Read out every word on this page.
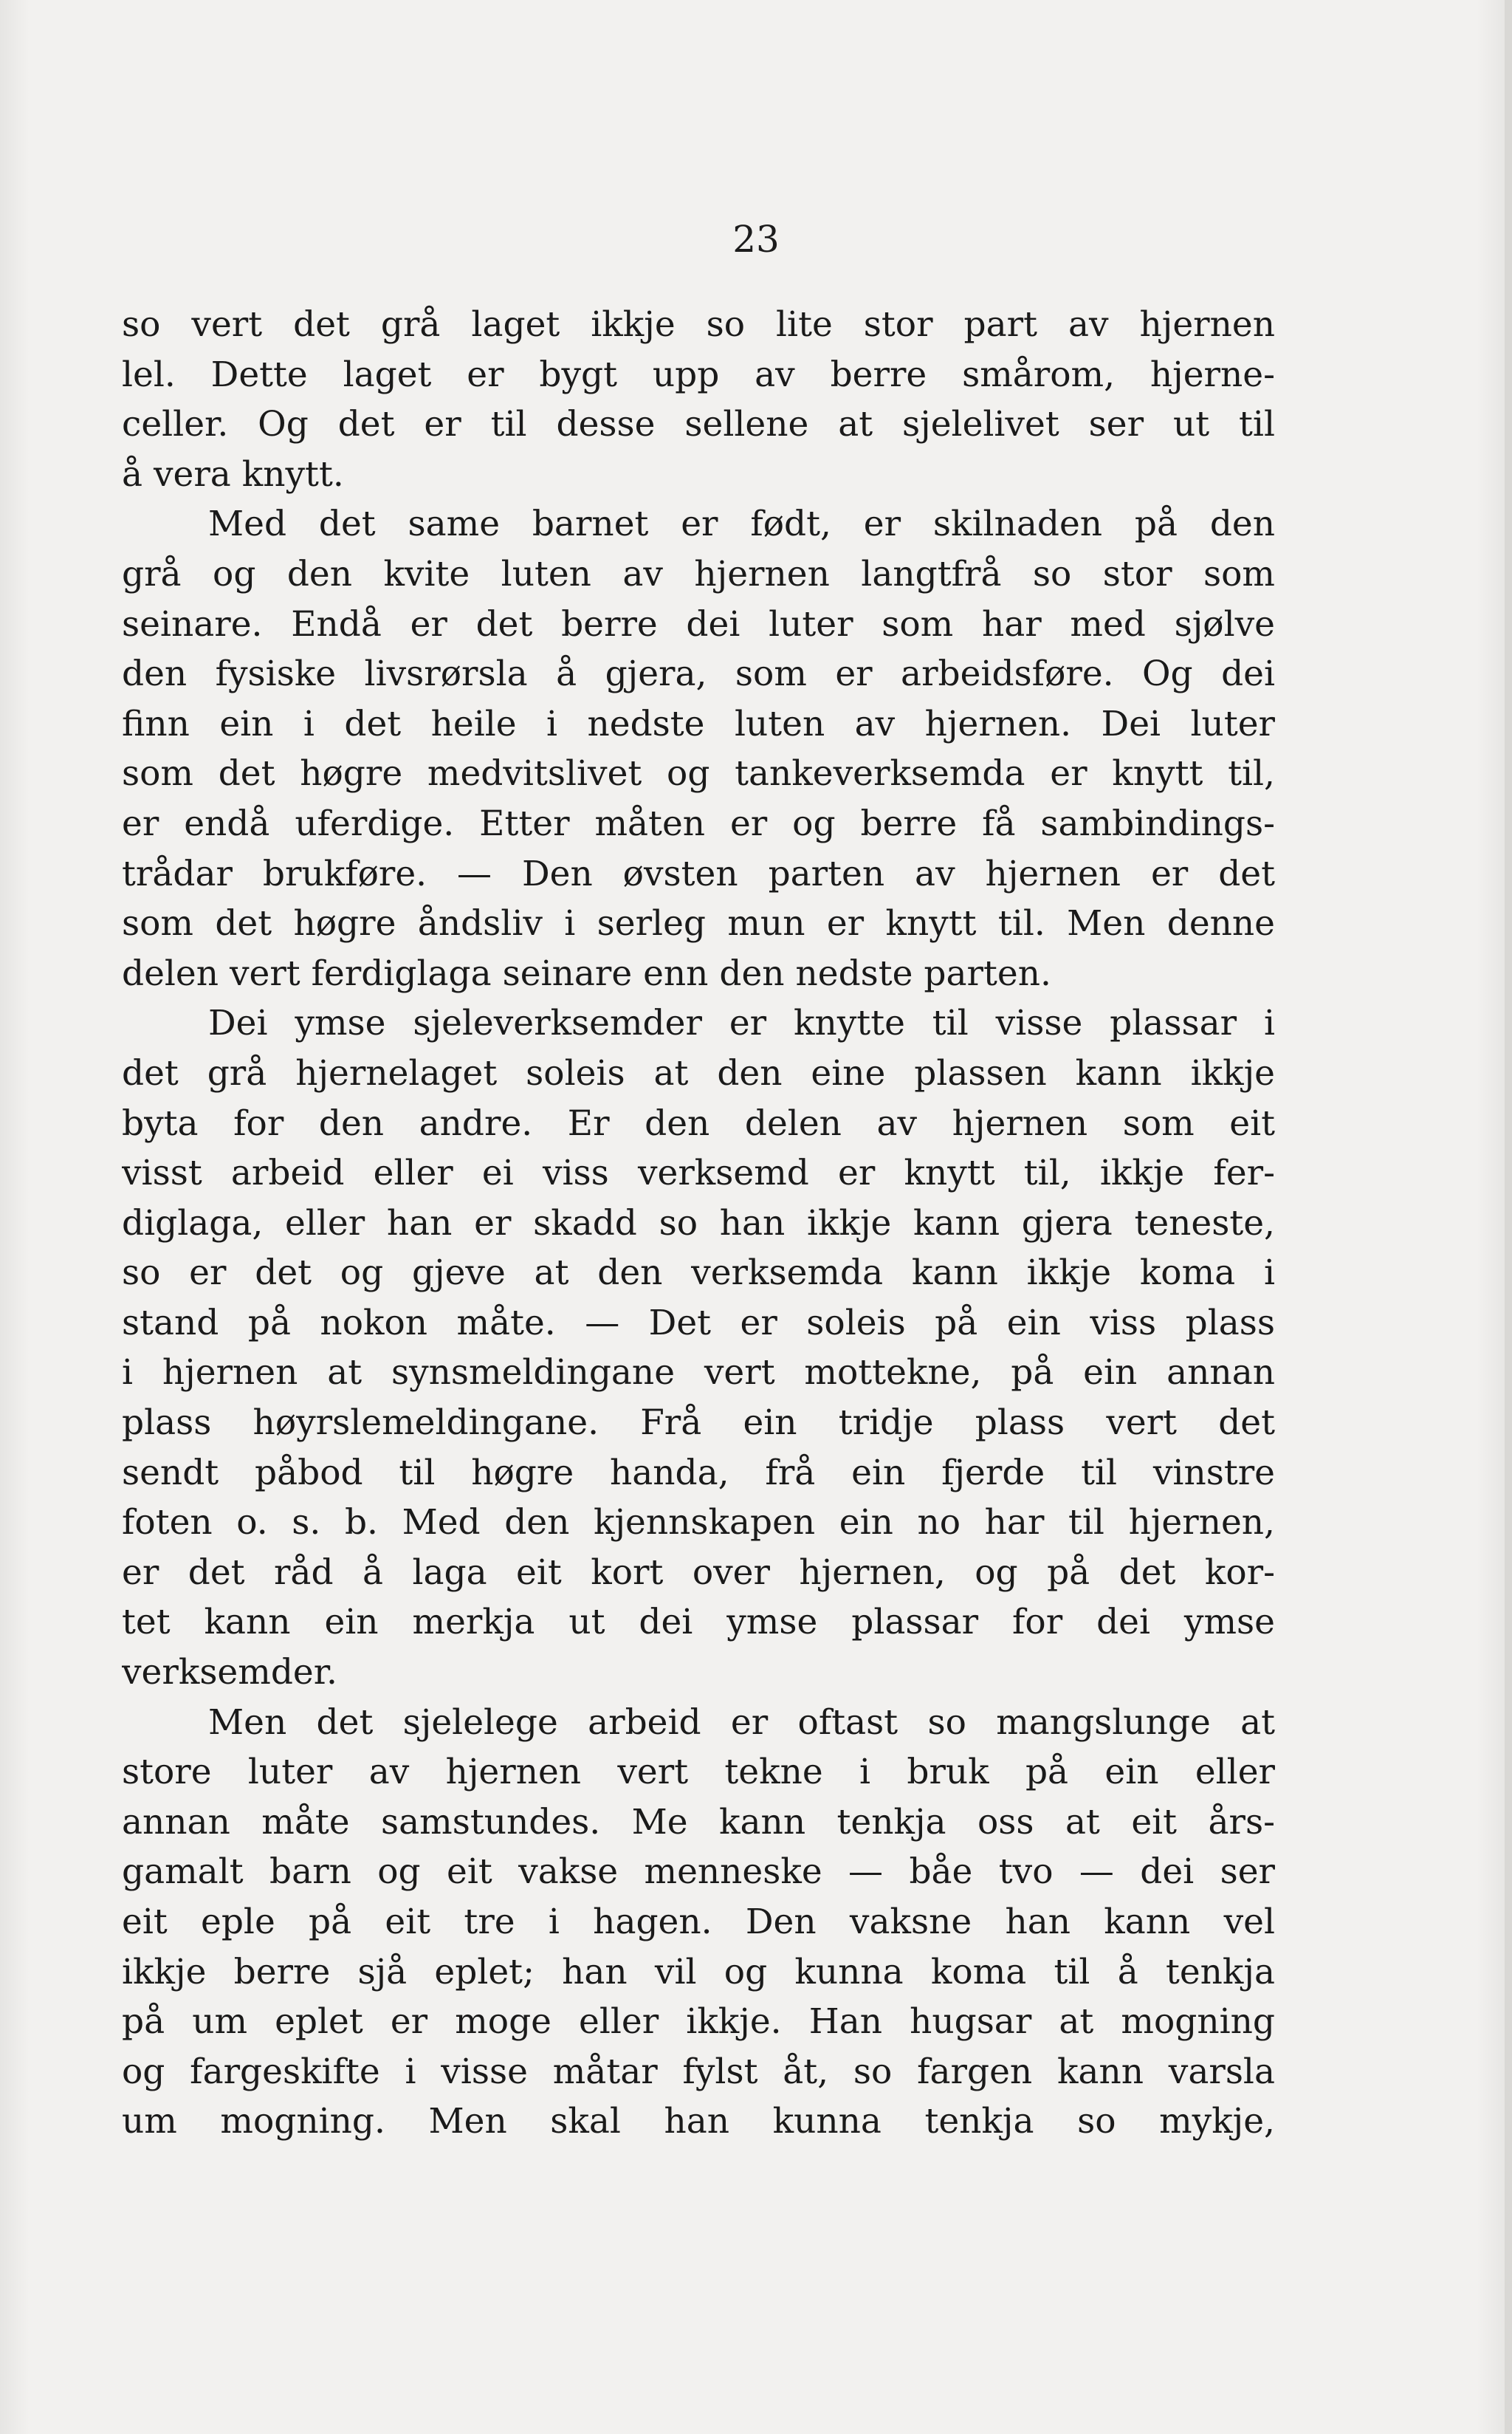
23

so vert det grå laget ikkje so lite stor part av hjernen
lel. Dette laget er bygt upp av berre smårom, hjerne-
celler. Og det er til desse sellene at sjelelivet ser ut til
å vera knytt.
Med det same barnet er født, er skilnaden på den
grå og den kvite luten av hjernen langtfrå so stor som
seinare. Endå er det berre dei luter som har med sjølve
den fysiske livsrørsla å gjera, som er arbeidsføre. Og dei
finn ein i det heile i nedste luten av hjernen. Dei luter
som det høgre medvitslivet og tankeverksemda er knytt til,
er endå uferdige. Etter måten er og berre få sambindings-
trådar brukføre. — Den øvsten parten av hjernen er det
som det høgre åndsliv i serleg mun er knytt til. Men denne
delen vert ferdiglaga seinare enn den nedste parten.
Dei ymse sjeleverksemder er knytte til visse plassar i
det grå hjernelaget soleis at den eine plassen kann ikkje
byta for den andre. Er den delen av hjernen som eit
visst arbeid eller ei viss verksemd er knytt til, ikkje fer-
diglaga, eller han er skadd so han ikkje kann gjera teneste,
so er det og gjeve at den verksemda kann ikkje koma i
stand på nokon måte. — Det er soleis på ein viss plass
i hjernen at synsmeldingane vert mottekne, på ein annan
plass høyrslemeldingane. Frå ein tridje plass vert det
sendt påbod til høgre handa, frå ein fjerde til vinstre
foten o. s. b. Med den kjennskapen ein no har til hjernen,
er det råd å laga eit kort over hjernen, og på det kor-
tet kann ein merkja ut dei ymse plassar for dei ymse
verksemder.
Men det sjelelege arbeid er oftast so mangslunge at
store luter av hjernen vert tekne i bruk på ein eller
annan måte samstundes. Me kann tenkja oss at eit års-
gamalt barn og eit vakse menneske — båe tvo — dei ser
eit eple på eit tre i hagen. Den vaksne han kann vel
ikkje berre sjå eplet; han vil og kunna koma til å tenkja
på um eplet er moge eller ikkje. Han hugsar at mogning
og fargeskifte i visse måtar fylst åt, so fargen kann varsla
um mogning. Men skal han kunna tenkja so mykje,
